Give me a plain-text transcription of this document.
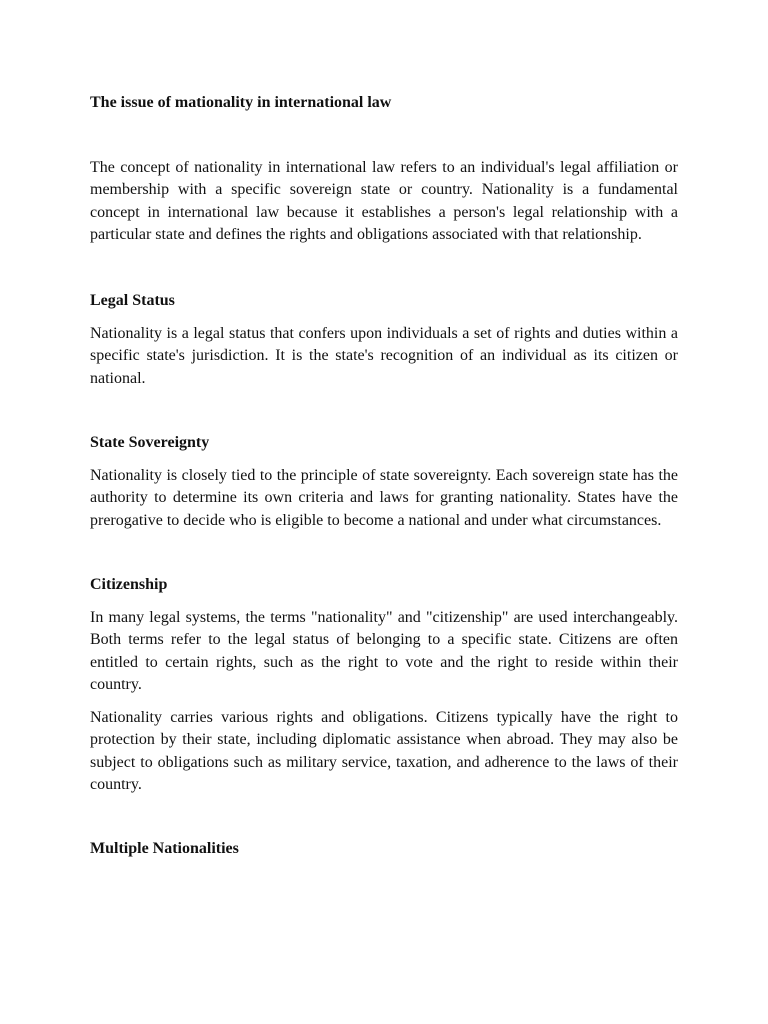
The issue of mationality in international law

The concept of nationality in international law refers to an individual's legal affiliation or membership with a specific sovereign state or country. Nationality is a fundamental concept in international law because it establishes a person's legal relationship with a particular state and defines the rights and obligations associated with that relationship.

Legal Status

Nationality is a legal status that confers upon individuals a set of rights and duties within a specific state's jurisdiction. It is the state's recognition of an individual as its citizen or national.

State Sovereignty

Nationality is closely tied to the principle of state sovereignty. Each sovereign state has the authority to determine its own criteria and laws for granting nationality. States have the prerogative to decide who is eligible to become a national and under what circumstances.

Citizenship

In many legal systems, the terms "nationality" and "citizenship" are used interchangeably. Both terms refer to the legal status of belonging to a specific state. Citizens are often entitled to certain rights, such as the right to vote and the right to reside within their country.

Nationality carries various rights and obligations. Citizens typically have the right to protection by their state, including diplomatic assistance when abroad. They may also be subject to obligations such as military service, taxation, and adherence to the laws of their country.

Multiple Nationalities
